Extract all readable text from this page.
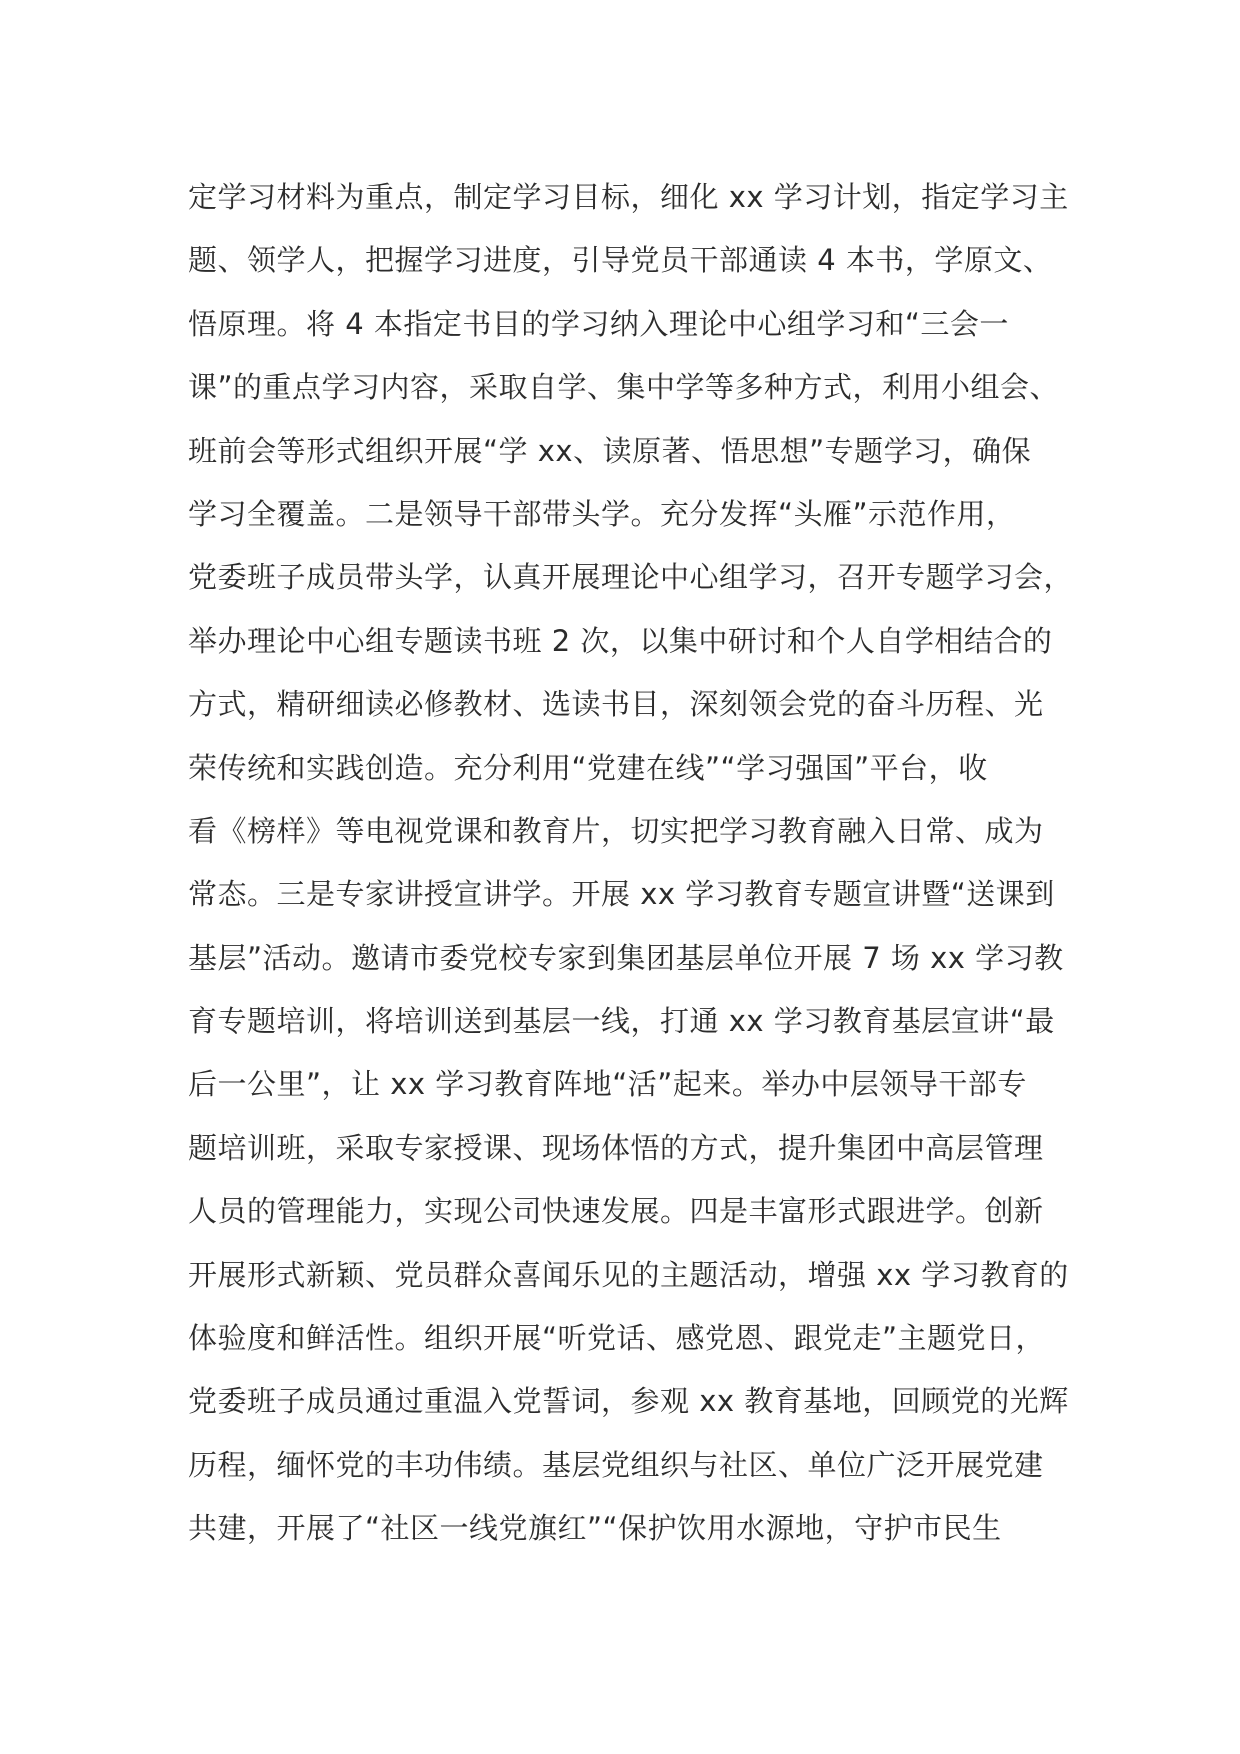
定学习材料为重点，制定学习目标，细化 xx 学习计划，指定学习主

题、领学人，把握学习进度，引导党员干部通读 4 本书，学原文、

悟原理。将 4 本指定书目的学习纳入理论中心组学习和“三会一

课”的重点学习内容，采取自学、集中学等多种方式，利用小组会、

班前会等形式组织开展“学 xx、读原著、悟思想”专题学习，确保

学习全覆盖。二是领导干部带头学。充分发挥“头雁”示范作用，

党委班子成员带头学，认真开展理论中心组学习，召开专题学习会，

举办理论中心组专题读书班 2 次，以集中研讨和个人自学相结合的

方式，精研细读必修教材、选读书目，深刻领会党的奋斗历程、光

荣传统和实践创造。充分利用“党建在线”“学习强国”平台，收

看《榜样》等电视党课和教育片，切实把学习教育融入日常、成为

常态。三是专家讲授宣讲学。开展 xx 学习教育专题宣讲暨“送课到

基层”活动。邀请市委党校专家到集团基层单位开展 7 场 xx 学习教

育专题培训，将培训送到基层一线，打通 xx 学习教育基层宣讲“最

后一公里”，让 xx 学习教育阵地“活”起来。举办中层领导干部专

题培训班，采取专家授课、现场体悟的方式，提升集团中高层管理

人员的管理能力，实现公司快速发展。四是丰富形式跟进学。创新

开展形式新颖、党员群众喜闻乐见的主题活动，增强 xx 学习教育的

体验度和鲜活性。组织开展“听党话、感党恩、跟党走”主题党日，

党委班子成员通过重温入党誓词，参观 xx 教育基地，回顾党的光辉

历程，缅怀党的丰功伟绩。基层党组织与社区、单位广泛开展党建

共建，开展了“社区一线党旗红”“保护饮用水源地，守护市民生
